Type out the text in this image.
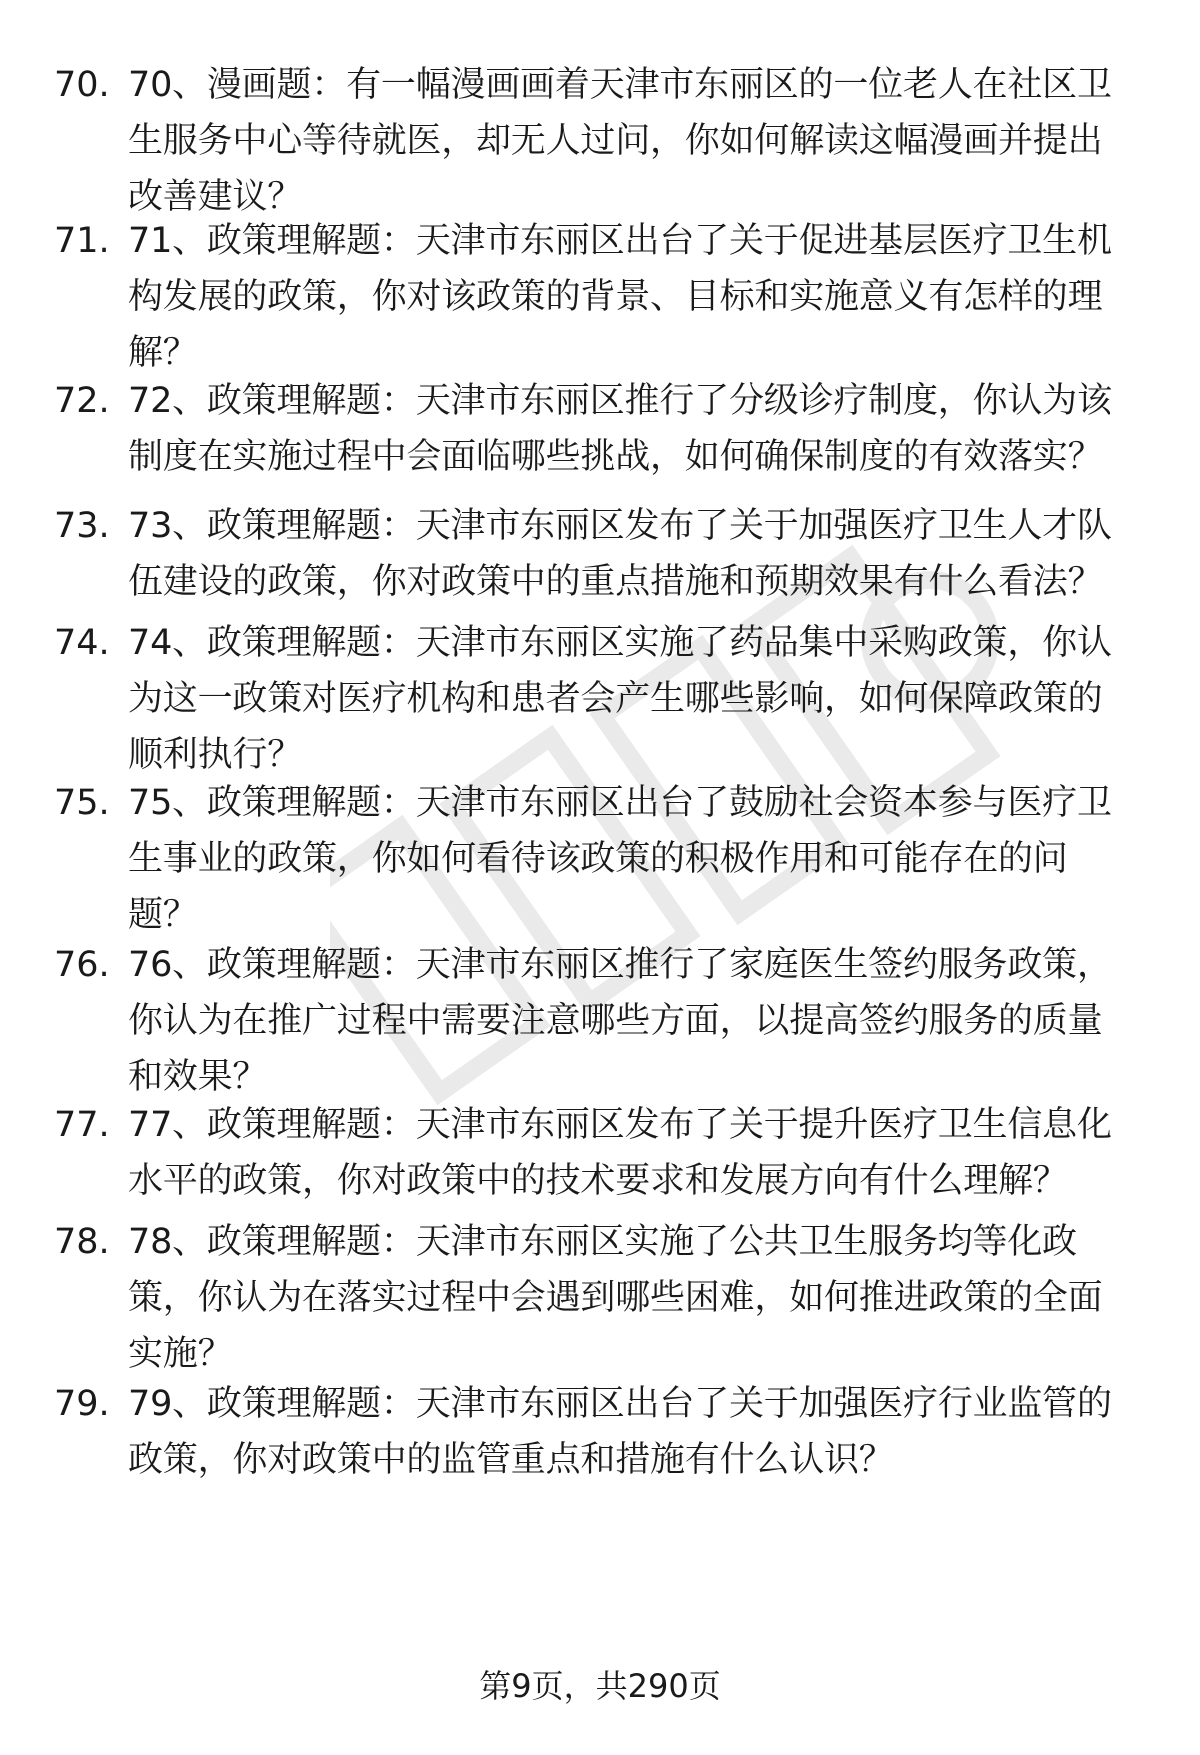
70. 70、漫画题：有一幅漫画画着天津市东丽区的一位老人在社区卫
生服务中心等待就医，却无人过问，你如何解读这幅漫画并提出
改善建议？
71. 71、政策理解题：天津市东丽区出台了关于促进基层医疗卫生机
构发展的政策，你对该政策的背景、目标和实施意义有怎样的理
解？
72. 72、政策理解题：天津市东丽区推行了分级诊疗制度，你认为该
制度在实施过程中会面临哪些挑战，如何确保制度的有效落实？
73. 73、政策理解题：天津市东丽区发布了关于加强医疗卫生人才队
伍建设的政策，你对政策中的重点措施和预期效果有什么看法？
74. 74、政策理解题：天津市东丽区实施了药品集中采购政策，你认
为这一政策对医疗机构和患者会产生哪些影响，如何保障政策的
顺利执行？
75. 75、政策理解题：天津市东丽区出台了鼓励社会资本参与医疗卫
生事业的政策，你如何看待该政策的积极作用和可能存在的问
题？
76. 76、政策理解题：天津市东丽区推行了家庭医生签约服务政策，
你认为在推广过程中需要注意哪些方面，以提高签约服务的质量
和效果？
77. 77、政策理解题：天津市东丽区发布了关于提升医疗卫生信息化
水平的政策，你对政策中的技术要求和发展方向有什么理解？
78. 78、政策理解题：天津市东丽区实施了公共卫生服务均等化政
策，你认为在落实过程中会遇到哪些困难，如何推进政策的全面
实施？
79. 79、政策理解题：天津市东丽区出台了关于加强医疗行业监管的
政策，你对政策中的监管重点和措施有什么认识？
第9页，共290页
